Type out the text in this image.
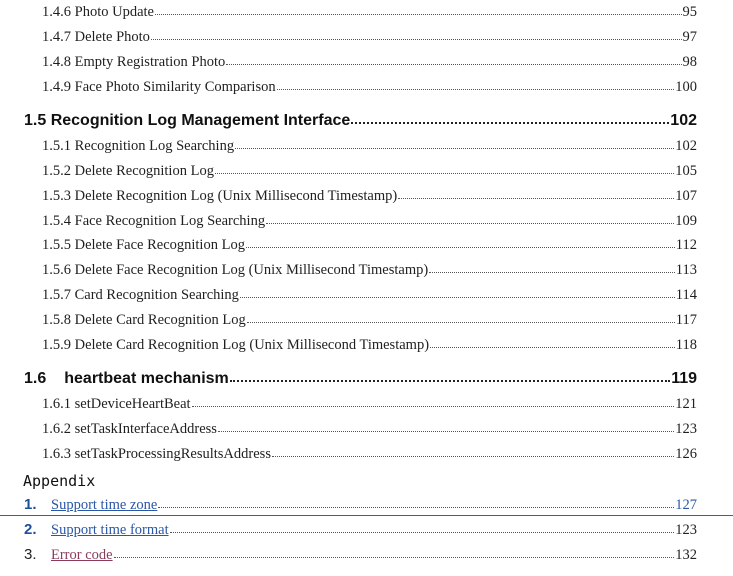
1.4.6 Photo Update	95
1.4.7 Delete Photo	97
1.4.8 Empty Registration Photo	98
1.4.9 Face Photo Similarity Comparison	100
1.5 Recognition Log Management Interface	102
1.5.1 Recognition Log Searching	102
1.5.2 Delete Recognition Log	105
1.5.3 Delete Recognition Log (Unix Millisecond Timestamp)	107
1.5.4 Face Recognition Log Searching	109
1.5.5 Delete Face Recognition Log	112
1.5.6 Delete Face Recognition Log (Unix Millisecond Timestamp)	113
1.5.7 Card Recognition Searching	114
1.5.8 Delete Card Recognition Log	117
1.5.9 Delete Card Recognition Log (Unix Millisecond Timestamp)	118
1.6 heartbeat mechanism	119
1.6.1 setDeviceHeartBeat	121
1.6.2 setTaskInterfaceAddress	123
1.6.3 setTaskProcessingResultsAddress	126
Appendix
1. Support time zone	127
2. Support time format	123
3. Error code	132
